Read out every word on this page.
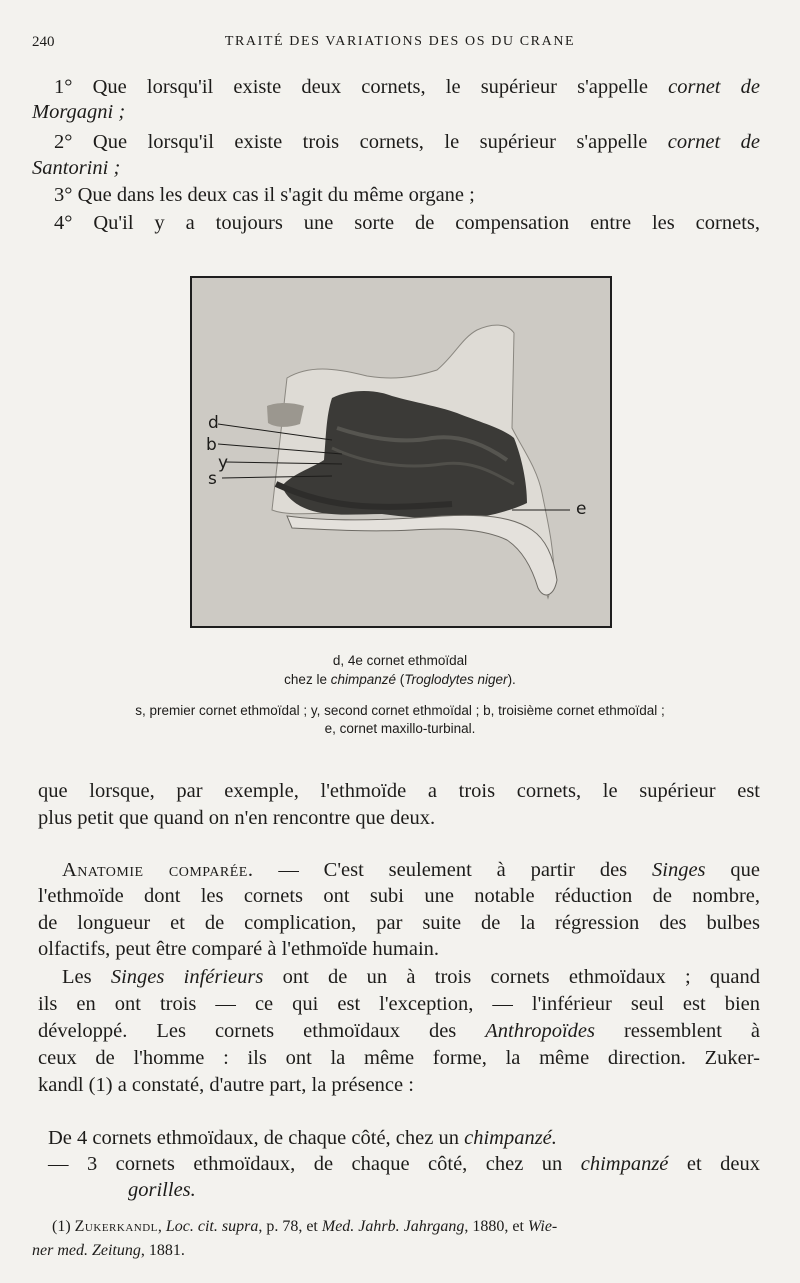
240	TRAITÉ DES VARIATIONS DES OS DU CRANE
1° Que lorsqu'il existe deux cornets, le supérieur s'appelle cornet de
Morgagni ;
2° Que lorsqu'il existe trois cornets, le supérieur s'appelle cornet de
Santorini ;
3° Que dans les deux cas il s'agit du même organe ;
4° Qu'il y a toujours une sorte de compensation entre les cornets,
d
b
y
s
e
d, 4e cornet ethmoïdal
chez le chimpanzé (Troglodytes niger).
s, premier cornet ethmoïdal ; y, second cornet ethmoïdal ; b, troisième cornet ethmoïdal ;
e, cornet maxillo-turbinal.
que lorsque, par exemple, l'ethmoïde a trois cornets, le supérieur est
plus petit que quand on n'en rencontre que deux.
Anatomie comparée. — C'est seulement à partir des Singes que
l'ethmoïde dont les cornets ont subi une notable réduction de nombre,
de longueur et de complication, par suite de la régression des bulbes
olfactifs, peut être comparé à l'ethmoïde humain.
Les Singes inférieurs ont de un à trois cornets ethmoïdaux ; quand
ils en ont trois — ce qui est l'exception, — l'inférieur seul est bien
développé. Les cornets ethmoïdaux des Anthropoïdes ressemblent à
ceux de l'homme : ils ont la même forme, la même direction. Zuker-
kandl (1) a constaté, d'autre part, la présence :
De 4 cornets ethmoïdaux, de chaque côté, chez un chimpanzé.
— 3 cornets ethmoïdaux, de chaque côté, chez un chimpanzé et deux
gorilles.
(1) Zukerkandl, Loc. cit. supra, p. 78, et Med. Jahrb. Jahrgang, 1880, et Wie-
ner med. Zeitung, 1881.
